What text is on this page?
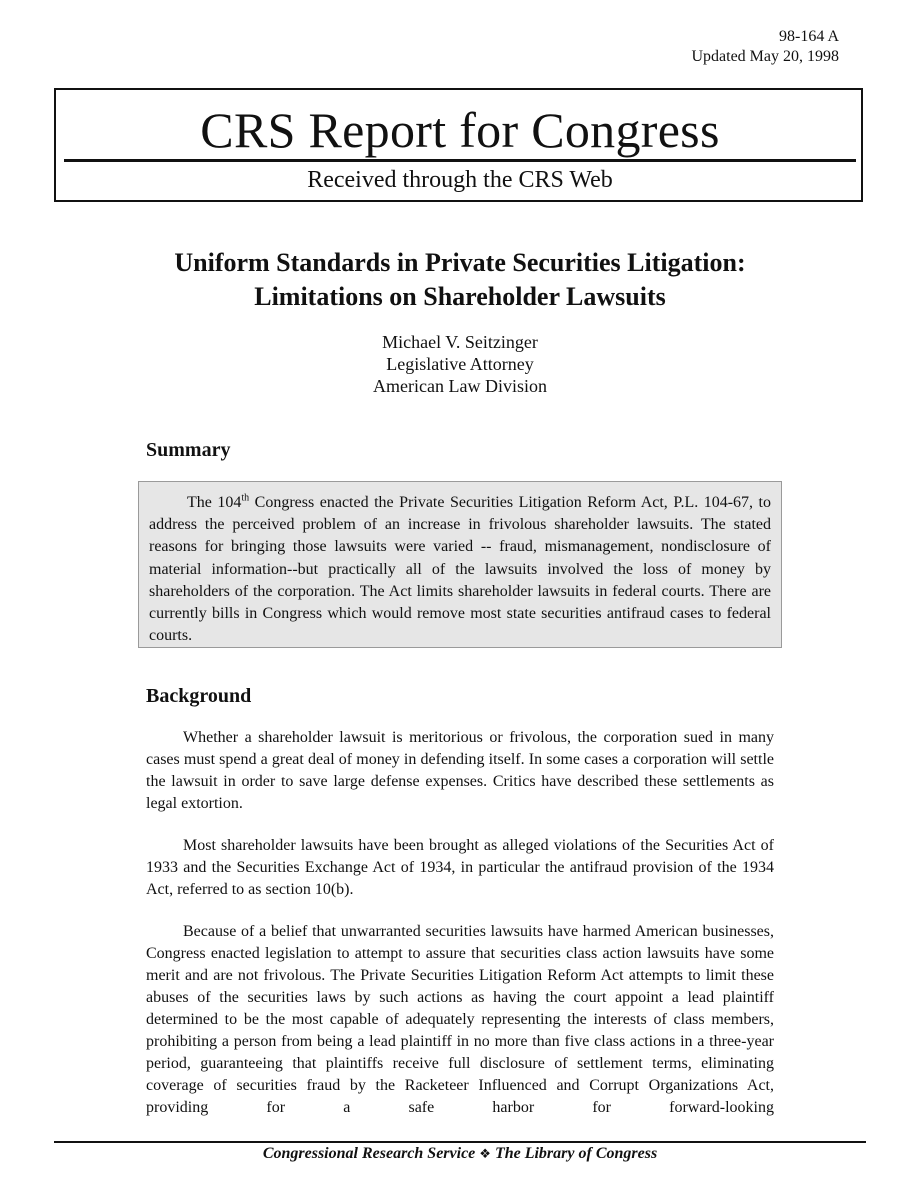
98-164 A
Updated May 20, 1998
CRS Report for Congress
Received through the CRS Web
Uniform Standards in Private Securities Litigation:
Limitations on Shareholder Lawsuits
Michael V. Seitzinger
Legislative Attorney
American Law Division
Summary

The 104th Congress enacted the Private Securities Litigation Reform Act, P.L. 104-67, to address the perceived problem of an increase in frivolous shareholder lawsuits. The stated reasons for bringing those lawsuits were varied -- fraud, mismanagement, nondisclosure of material information--but practically all of the lawsuits involved the loss of money by shareholders of the corporation. The Act limits shareholder lawsuits in federal courts. There are currently bills in Congress which would remove most state securities antifraud cases to federal courts.

Background

Whether a shareholder lawsuit is meritorious or frivolous, the corporation sued in many cases must spend a great deal of money in defending itself. In some cases a corporation will settle the lawsuit in order to save large defense expenses. Critics have described these settlements as legal extortion.

Most shareholder lawsuits have been brought as alleged violations of the Securities Act of 1933 and the Securities Exchange Act of 1934, in particular the antifraud provision of the 1934 Act, referred to as section 10(b).

Because of a belief that unwarranted securities lawsuits have harmed American businesses, Congress enacted legislation to attempt to assure that securities class action lawsuits have some merit and are not frivolous. The Private Securities Litigation Reform Act attempts to limit these abuses of the securities laws by such actions as having the court appoint a lead plaintiff determined to be the most capable of adequately representing the interests of class members, prohibiting a person from being a lead plaintiff in no more than five class actions in a three-year period, guaranteeing that plaintiffs receive full disclosure of settlement terms, eliminating coverage of securities fraud by the Racketeer Influenced and Corrupt Organizations Act, providing for a safe harbor for forward-looking

Congressional Research Service ❖ The Library of Congress
